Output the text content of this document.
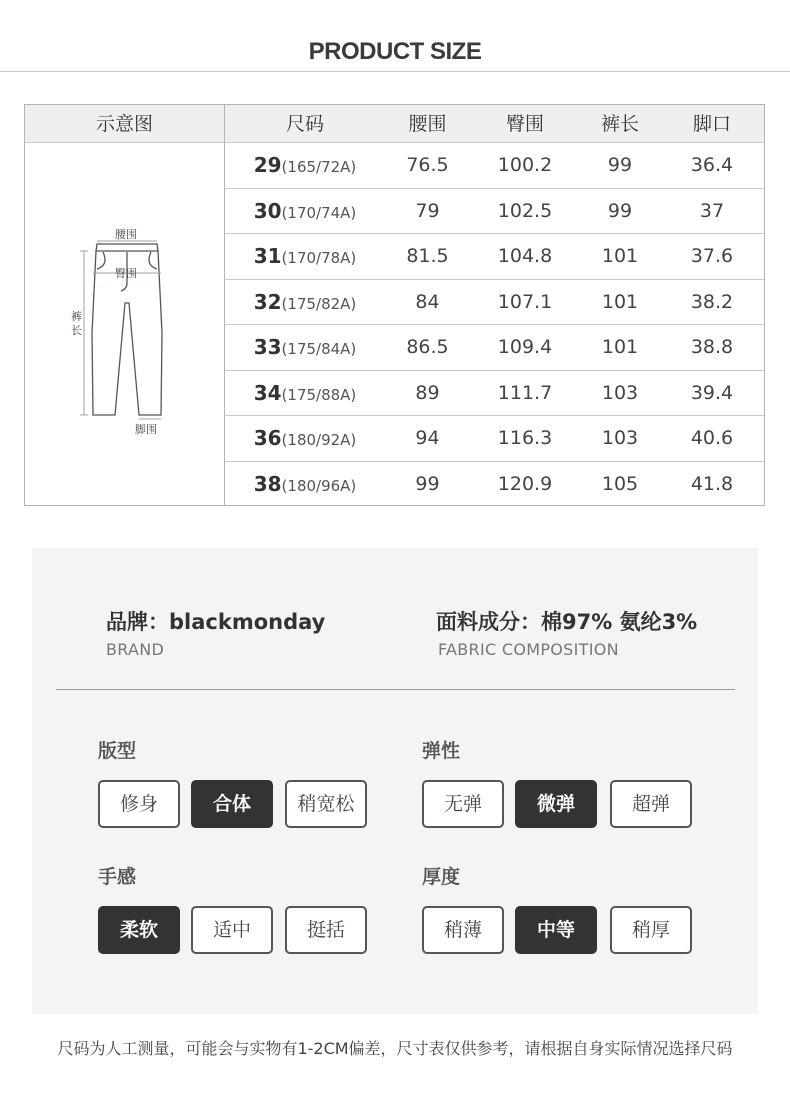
PRODUCT SIZE
示意图	尺码	腰围	臀围	裤长	脚口
腰围
臀围
裤
长
脚围
29(165/72A)	76.5	100.2	99	36.4
30(170/74A)	79	102.5	99	37
31(170/78A)	81.5	104.8	101	37.6
32(175/82A)	84	107.1	101	38.2
33(175/84A)	86.5	109.4	101	38.8
34(175/88A)	89	111.7	103	39.4
36(180/92A)	94	116.3	103	40.6
38(180/96A)	99	120.9	105	41.8
品牌：blackmonday
BRAND
面料成分：棉97% 氨纶3%
FABRIC COMPOSITION
版型
修身	合体	稍宽松
弹性
无弹	微弹	超弹
手感
柔软	适中	挺括
厚度
稍薄	中等	稍厚
尺码为人工测量，可能会与实物有1-2CM偏差，尺寸表仅供参考，请根据自身实际情况选择尺码
